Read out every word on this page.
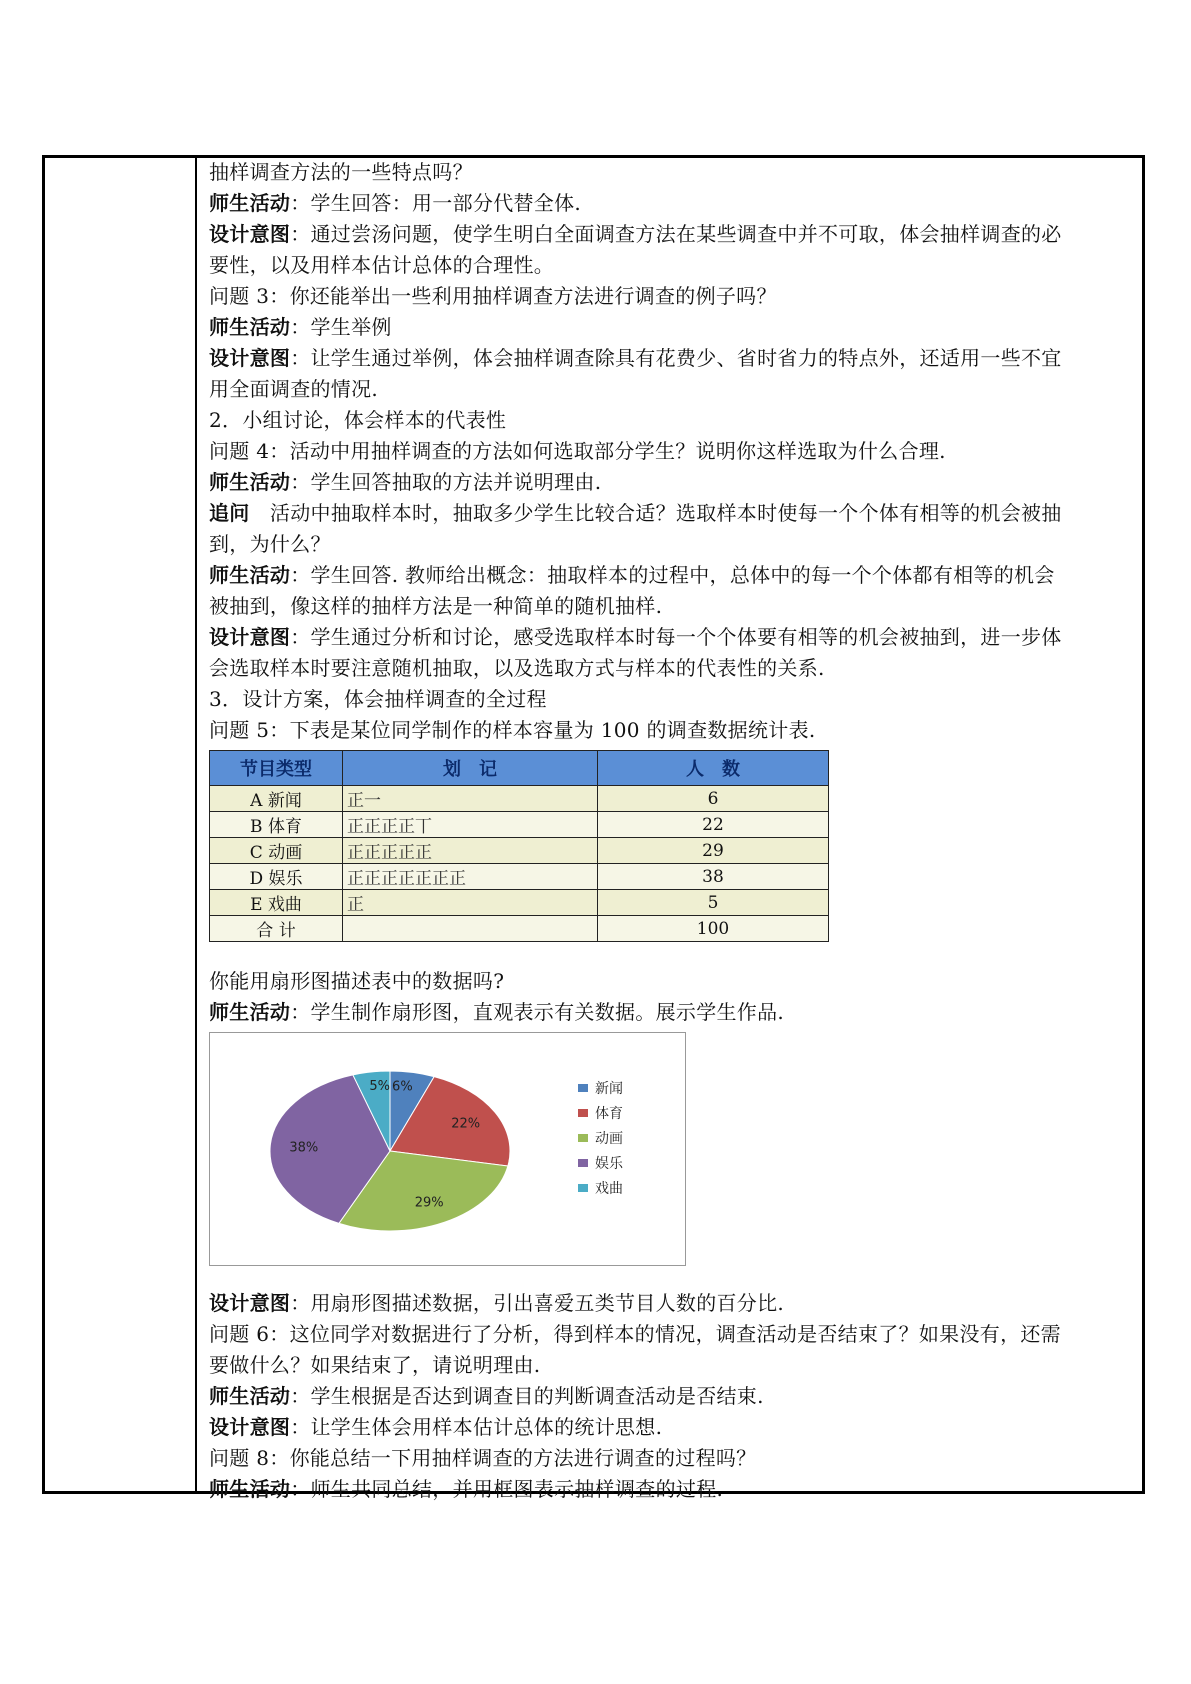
抽样调查方法的一些特点吗？
师生活动：学生回答：用一部分代替全体.
设计意图：通过尝汤问题，使学生明白全面调查方法在某些调查中并不可取，体会抽样调查的必
要性，以及用样本估计总体的合理性。
问题 3：你还能举出一些利用抽样调查方法进行调查的例子吗？
师生活动：学生举例
设计意图：让学生通过举例，体会抽样调查除具有花费少、省时省力的特点外，还适用一些不宜
用全面调查的情况.
2．小组讨论，体会样本的代表性
问题 4：活动中用抽样调查的方法如何选取部分学生？说明你这样选取为什么合理.
师生活动：学生回答抽取的方法并说明理由.
追问　活动中抽取样本时，抽取多少学生比较合适？选取样本时使每一个个体有相等的机会被抽
到，为什么？
师生活动：学生回答. 教师给出概念：抽取样本的过程中，总体中的每一个个体都有相等的机会
被抽到，像这样的抽样方法是一种简单的随机抽样.
设计意图：学生通过分析和讨论，感受选取样本时每一个个体要有相等的机会被抽到，进一步体
会选取样本时要注意随机抽取，以及选取方式与样本的代表性的关系.
3．设计方案，体会抽样调查的全过程
问题 5：下表是某位同学制作的样本容量为 100 的调查数据统计表.
节目类型	划　记	人　数
A 新闻	正一	6
B 体育	正正正正丅	22
C 动画	正正正正正	29
D 娱乐	正正正正正正正	38
E 戏曲	正	5
合 计		100
你能用扇形图描述表中的数据吗?
师生活动：学生制作扇形图，直观表示有关数据。展示学生作品.
6%
22%
29%
38%
5%	新闻
体育
动画
娱乐
戏曲
设计意图：用扇形图描述数据，引出喜爱五类节目人数的百分比.
问题 6：这位同学对数据进行了分析，得到样本的情况，调查活动是否结束了？如果没有，还需
要做什么？如果结束了，请说明理由.
师生活动：学生根据是否达到调查目的判断调查活动是否结束.
设计意图：让学生体会用样本估计总体的统计思想.
问题 8：你能总结一下用抽样调查的方法进行调查的过程吗？
师生活动：师生共同总结，并用框图表示抽样调查的过程.
